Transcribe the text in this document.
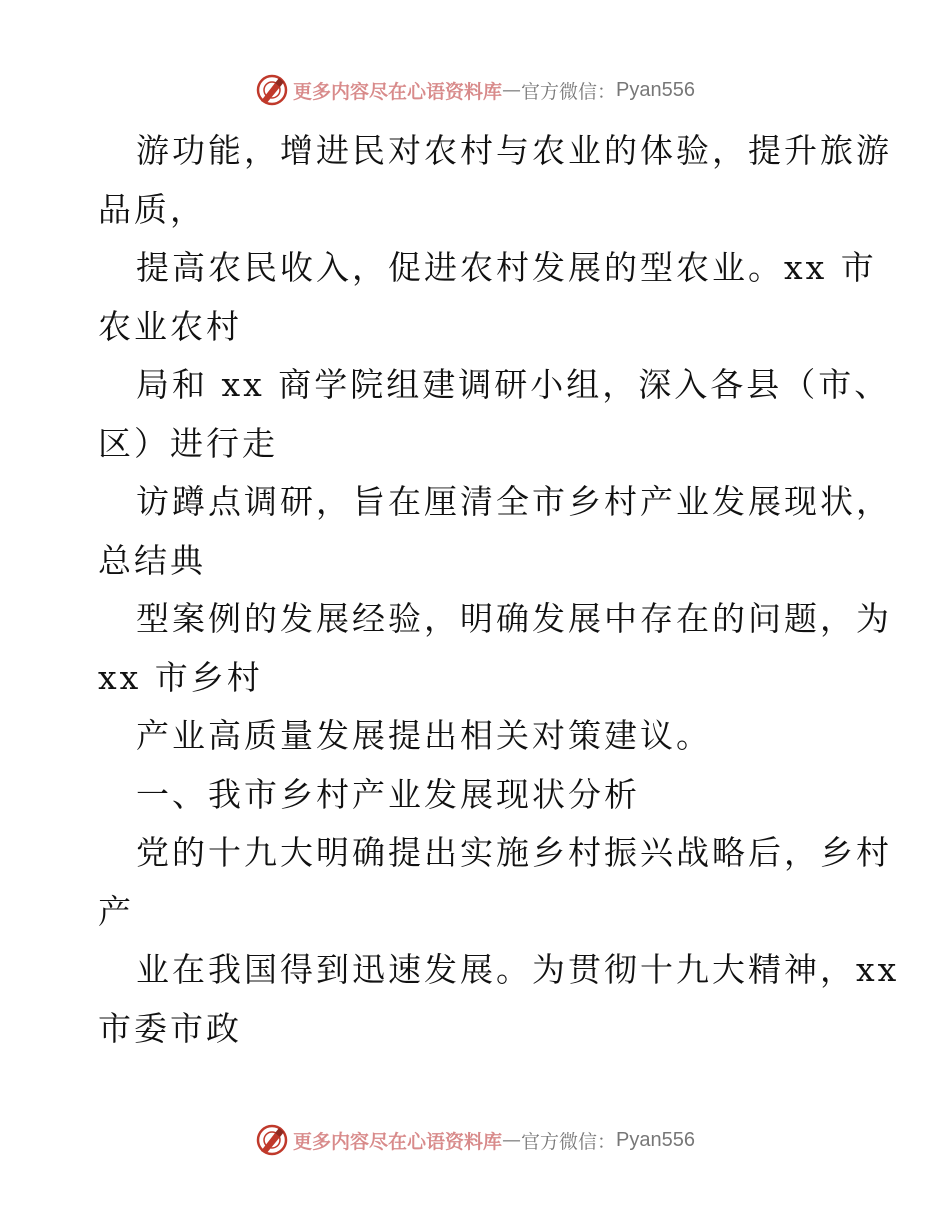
更多内容尽在心语资料库 — 官方微信： Pyan556
游功能，增进民对农村与农业的体验，提升旅游
品质，
提高农民收入，促进农村发展的型农业。xx 市
农业农村
局和 xx 商学院组建调研小组，深入各县（市、
区）进行走
访蹲点调研，旨在厘清全市乡村产业发展现状，
总结典
型案例的发展经验，明确发展中存在的问题，为
xx 市乡村
产业高质量发展提出相关对策建议。
一、我市乡村产业发展现状分析
党的十九大明确提出实施乡村振兴战略后，乡村
产
业在我国得到迅速发展。为贯彻十九大精神，xx
市委市政
更多内容尽在心语资料库 — 官方微信： Pyan556
